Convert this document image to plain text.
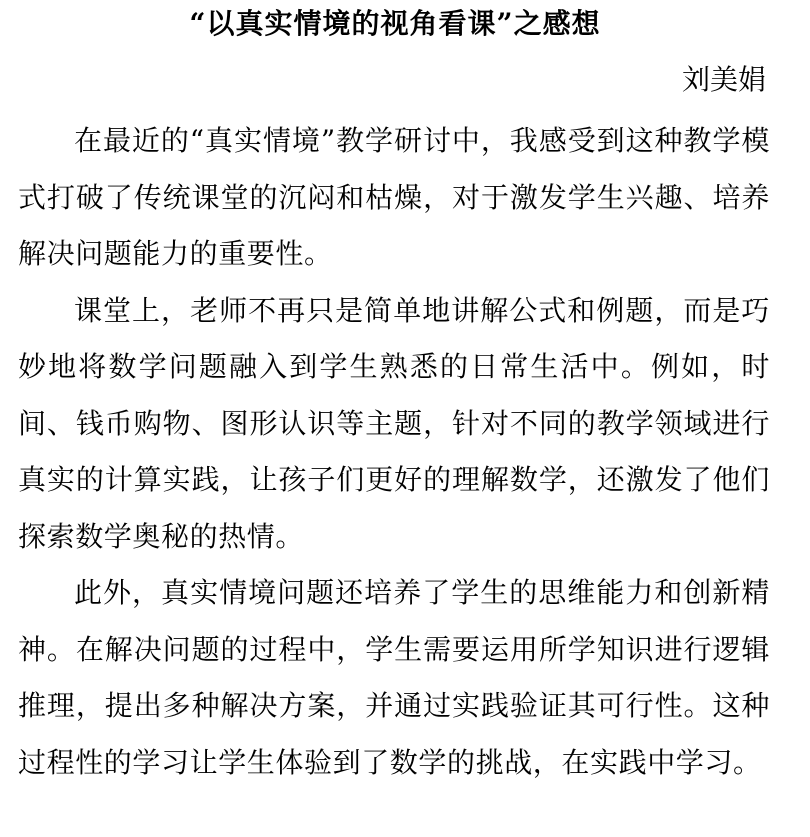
“以真实情境的视角看课”之感想
刘美娟

在最近的“真实情境”教学研讨中，我感受到这种教学模式打破了传统课堂的沉闷和枯燥，对于激发学生兴趣、培养解决问题能力的重要性。

课堂上，老师不再只是简单地讲解公式和例题，而是巧妙地将数学问题融入到学生熟悉的日常生活中。例如，时间、钱币购物、图形认识等主题，针对不同的教学领域进行真实的计算实践，让孩子们更好的理解数学，还激发了他们探索数学奥秘的热情。

此外，真实情境问题还培养了学生的思维能力和创新精神。在解决问题的过程中，学生需要运用所学知识进行逻辑推理，提出多种解决方案，并通过实践验证其可行性。这种过程性的学习让学生体验到了数学的挑战，在实践中学习。
